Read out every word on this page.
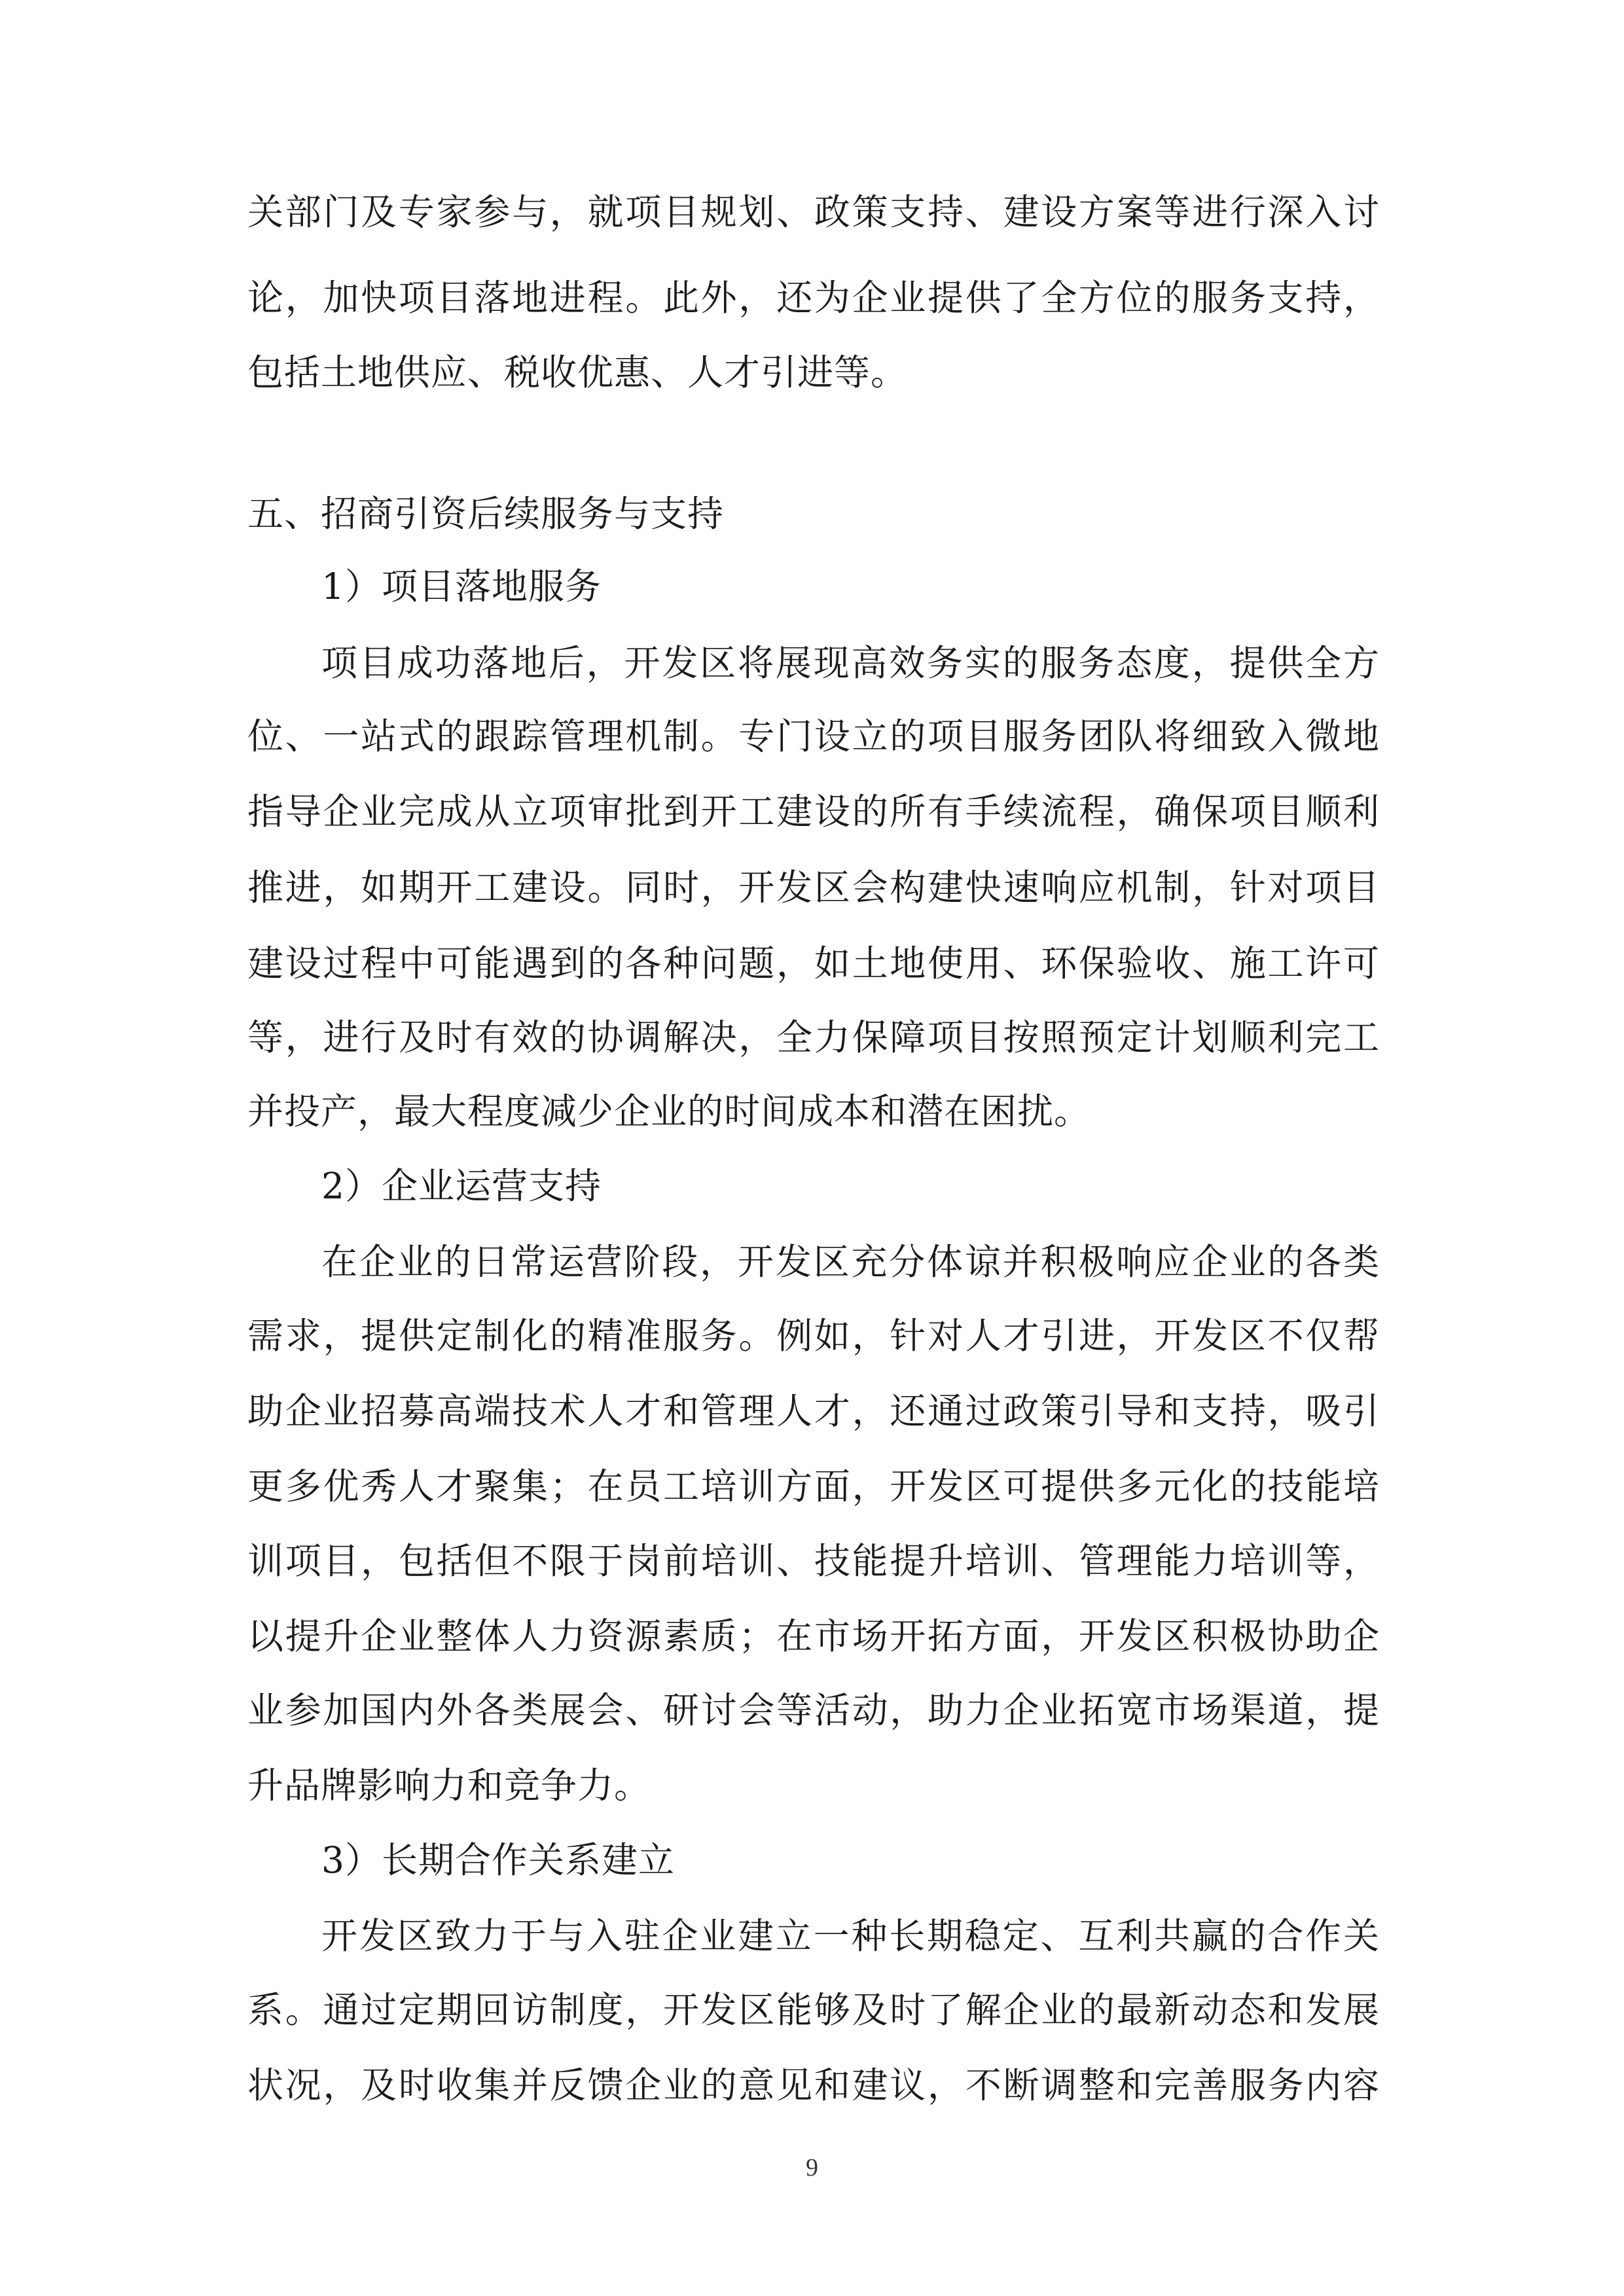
关部门及专家参与，就项目规划、政策支持、建设方案等进行深入讨
论，加快项目落地进程。此外，还为企业提供了全方位的服务支持，
包括土地供应、税收优惠、人才引进等。
五、招商引资后续服务与支持
1）项目落地服务
项目成功落地后，开发区将展现高效务实的服务态度，提供全方
位、一站式的跟踪管理机制。专门设立的项目服务团队将细致入微地
指导企业完成从立项审批到开工建设的所有手续流程，确保项目顺利
推进，如期开工建设。同时，开发区会构建快速响应机制，针对项目
建设过程中可能遇到的各种问题，如土地使用、环保验收、施工许可
等，进行及时有效的协调解决，全力保障项目按照预定计划顺利完工
并投产，最大程度减少企业的时间成本和潜在困扰。
2）企业运营支持
在企业的日常运营阶段，开发区充分体谅并积极响应企业的各类
需求，提供定制化的精准服务。例如，针对人才引进，开发区不仅帮
助企业招募高端技术人才和管理人才，还通过政策引导和支持，吸引
更多优秀人才聚集；在员工培训方面，开发区可提供多元化的技能培
训项目，包括但不限于岗前培训、技能提升培训、管理能力培训等，
以提升企业整体人力资源素质；在市场开拓方面，开发区积极协助企
业参加国内外各类展会、研讨会等活动，助力企业拓宽市场渠道，提
升品牌影响力和竞争力。
3）长期合作关系建立
开发区致力于与入驻企业建立一种长期稳定、互利共赢的合作关
系。通过定期回访制度，开发区能够及时了解企业的最新动态和发展
状况，及时收集并反馈企业的意见和建议，不断调整和完善服务内容
9
